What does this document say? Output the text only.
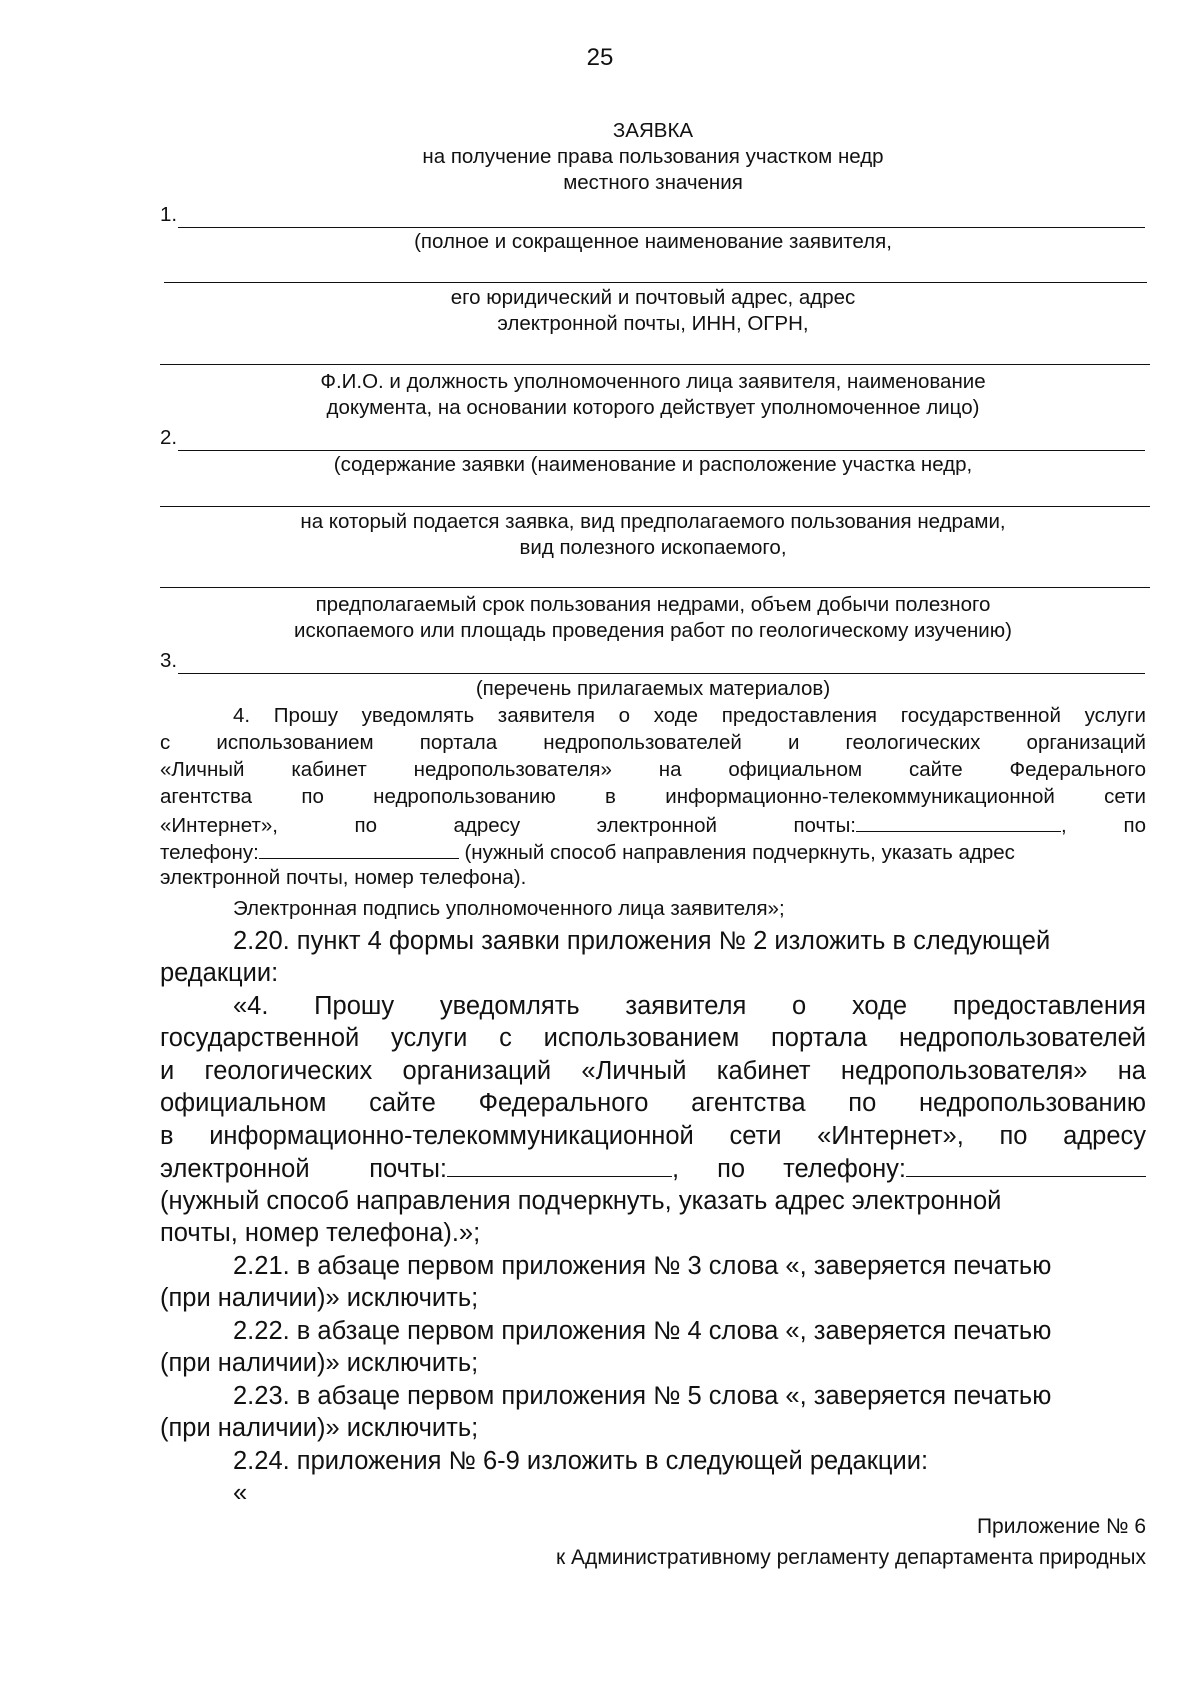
25
ЗАЯВКА
на получение права пользования участком недр
местного значения
1.
(полное и сокращенное наименование заявителя,
его юридический и почтовый адрес, адрес
электронной почты, ИНН, ОГРН,
Ф.И.О. и должность уполномоченного лица заявителя, наименование
документа, на основании которого действует уполномоченное лицо)
2.
(содержание заявки (наименование и расположение участка недр,
на который подается заявка, вид предполагаемого пользования недрами,
вид полезного ископаемого,
предполагаемый срок пользования недрами, объем добычи полезного
ископаемого или площадь проведения работ по геологическому изучению)
3.
(перечень прилагаемых материалов)
4. Прошу уведомлять заявителя о ходе предоставления государственной услуги
с использованием портала недропользователей и геологических организаций
«Личный кабинет недропользователя» на официальном сайте Федерального
агентства по недропользованию в информационно-телекоммуникационной сети
«Интернет», по адресу электронной почты:	, по
телефону:	(нужный способ направления подчеркнуть, указать адрес
электронной почты, номер телефона).
Электронная подпись уполномоченного лица заявителя»;
2.20. пункт 4 формы заявки приложения № 2 изложить в следующей
редакции:
«4. Прошу уведомлять заявителя о ходе предоставления
государственной услуги с использованием портала недропользователей
и геологических организаций «Личный кабинет недропользователя» на
официальном сайте Федерального агентства по недропользованию
в информационно-телекоммуникационной сети «Интернет», по адресу
электронной почты:	, по телефону:
(нужный способ направления подчеркнуть, указать адрес электронной
почты, номер телефона).»;
2.21. в абзаце первом приложения № 3 слова «, заверяется печатью
(при наличии)» исключить;
2.22. в абзаце первом приложения № 4 слова «, заверяется печатью
(при наличии)» исключить;
2.23. в абзаце первом приложения № 5 слова «, заверяется печатью
(при наличии)» исключить;
2.24. приложения № 6-9 изложить в следующей редакции:
«
Приложение № 6
к Административному регламенту департамента природных
